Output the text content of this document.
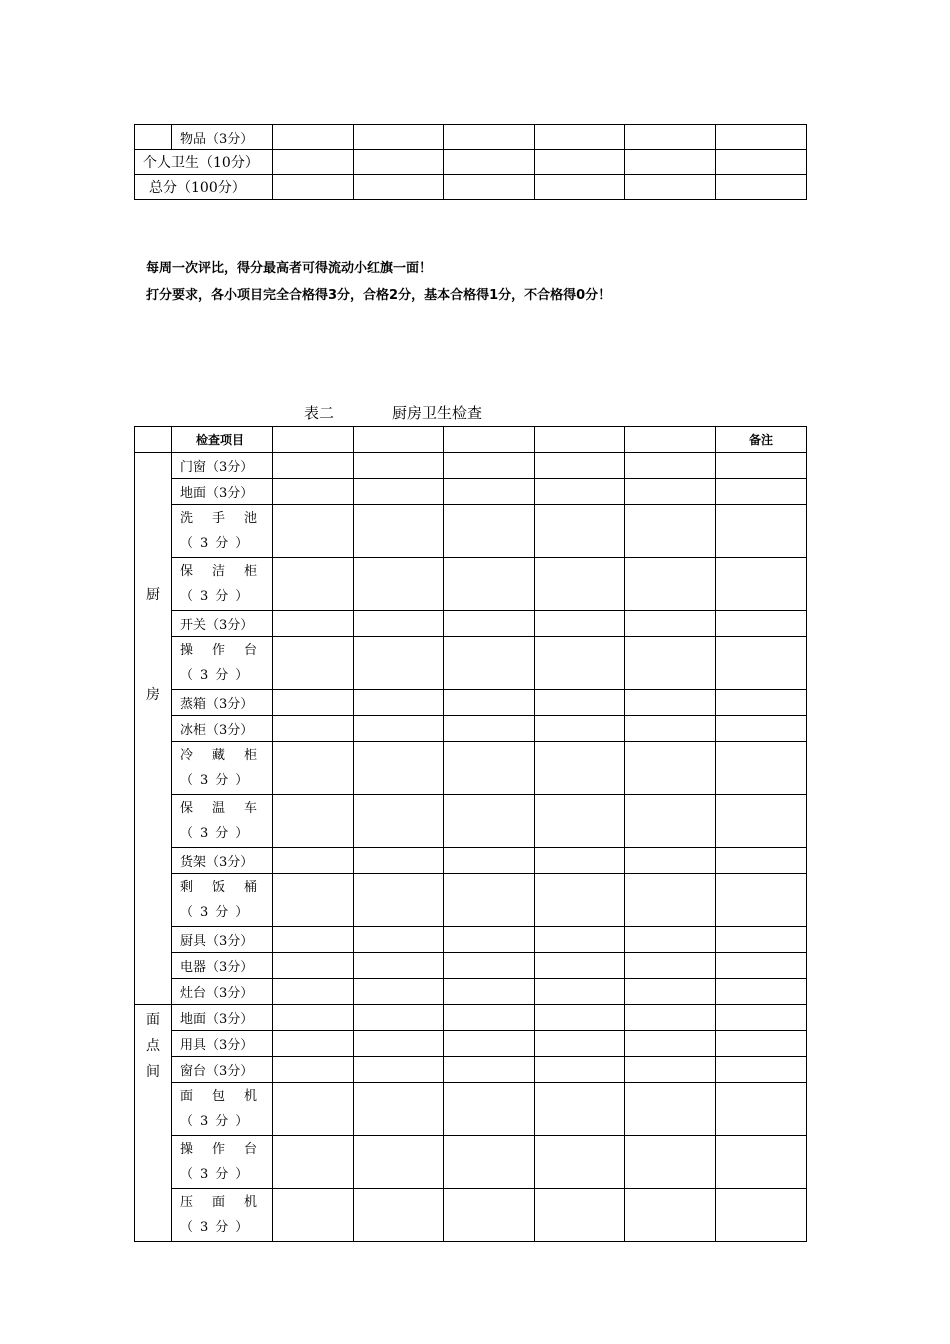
	物品（3分）						
个人卫生（10分）							
总分（100分）							
每周一次评比，得分最高者可得流动小红旗一面！
打分要求，各小项目完全合格得3分，合格2分，基本合格得1分，不合格得0分！
表二	厨房卫生检查
	检查项目						备注

厨
房	门窗（3分）						
	地面（3分）						
	洗手池（3分）						
	保洁柜（3分）						
	开关（3分）						
	操作台（3分）						
	蒸箱（3分）						
	冰柜（3分）						
	冷藏柜（3分）						
	保温车（3分）						
	货架（3分）						
	剩饭桶（3分）						
	厨具（3分）						
	电器（3分）						
	灶台（3分）						

面
点
间	地面（3分）						
	用具（3分）						
	窗台（3分）						
	面包机（3分）						
	操作台（3分）						
	压面机（3分）						
